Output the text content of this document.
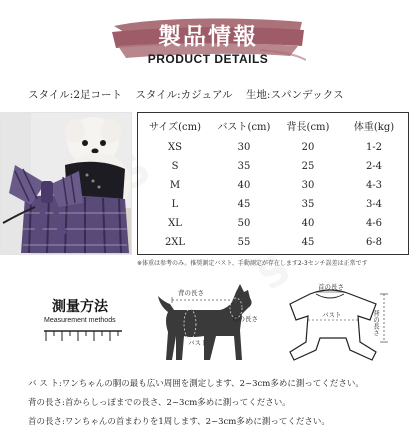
製品情報
PRODUCT DETAILS
スタイル:2足コート スタイル:カジュアル 生地:スパンデックス
サイズ(cm)	バスト(cm)	背長(cm)	体重(kg)
XS	30	20	1-2
S	35	25	2-4
M	40	30	4-3
L	45	35	3-4
XL	50	40	4-6
2XL	55	45	6-8
※体重は参考のみ。推奨測定バスト、手動測定が存在します2-3センチ誤差は正常です
測量方法
Measurement methods
背の長さ
首の長さ
バスト
首の長さ
背の長さ
バスト
バ ス ト:ワンちゃんの胴の最も広い周囲を測定します、2~3cm多めに測ってください。
背の長さ:首からしっぽまでの長さ、2~3cm多めに測ってください。
首の長さ:ワンちゃんの首まわりを1周します、2~3cm多めに測ってください。
